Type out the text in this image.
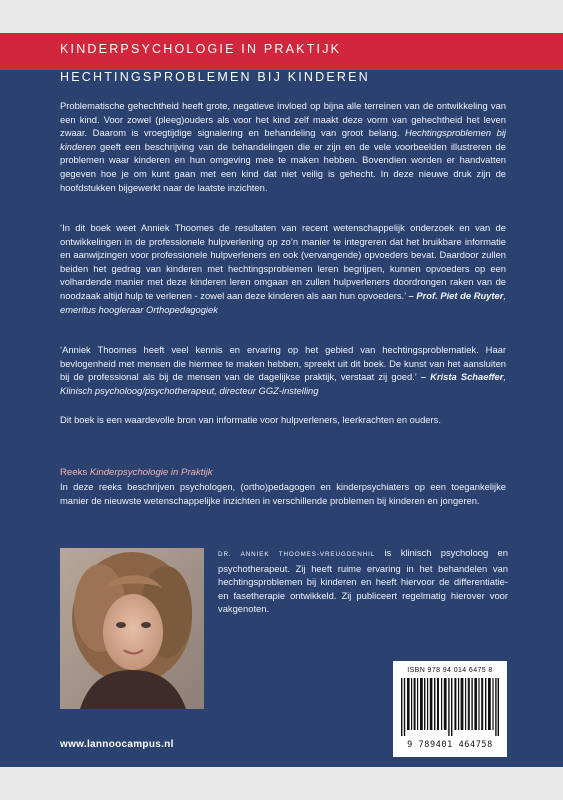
KINDERPSYCHOLOGIE IN PRAKTIJK
HECHTINGSPROBLEMEN BIJ KINDEREN
Problematische gehechtheid heeft grote, negatieve invloed op bijna alle terreinen van de ontwikkeling van een kind. Voor zowel (pleeg)ouders als voor het kind zelf maakt deze vorm van gehechtheid het leven zwaar. Daarom is vroegtijdige signalering en behandeling van groot belang. Hechtingsproblemen bij kinderen geeft een beschrijving van de behandelingen die er zijn en de vele voorbeelden illustreren de problemen waar kinderen en hun omgeving mee te maken hebben. Bovendien worden er handvatten gegeven hoe je om kunt gaan met een kind dat niet veilig is gehecht. In deze nieuwe druk zijn de hoofdstukken bijgewerkt naar de laatste inzichten.
‘In dit boek weet Anniek Thoomes de resultaten van recent wetenschappelijk onderzoek en van de ontwikkelingen in de professionele hulpverlening op zo’n manier te integreren dat het bruikbare informatie en aanwijzingen voor professionele hulpverleners en ook (vervangende) opvoeders bevat. Daardoor zullen beiden het gedrag van kinderen met hechtingsproblemen leren begrijpen, kunnen opvoeders op een volhardende manier met deze kinderen leren omgaan en zullen hulpverleners doordrongen raken van de noodzaak altijd hulp te verlenen - zowel aan deze kinderen als aan hun opvoeders.’ – Prof. Piet de Ruyter, emeritus hoogleraar Orthopedagogiek
‘Anniek Thoomes heeft veel kennis en ervaring op het gebied van hechtingsproblematiek. Haar bevlogenheid met mensen die hiermee te maken hebben, spreekt uit dit boek. De kunst van het aansluiten bij de professional als bij de mensen van de dagelijkse praktijk, verstaat zij goed.’ – Krista Schaeffer, Klinisch psycholoog/psychotherapeut, directeur GGZ-instelling
Dit boek is een waardevolle bron van informatie voor hulpverleners, leerkrachten en ouders.
Reeks Kinderpsychologie in Praktijk
In deze reeks beschrijven psychologen, (ortho)pedagogen en kinderpsychiaters op een toegankelijke manier de nieuwste wetenschappelijke inzichten in verschillende problemen bij kinderen en jongeren.
DR. ANNIEK THOOMES-VREUGDENHIL is klinisch psycholoog en psychotherapeut. Zij heeft ruime ervaring in het behandelen van hechtingsproblemen bij kinderen en heeft hiervoor de differentiatie- en fasetherapie ontwikkeld. Zij publiceert regelmatig hierover voor vakgenoten.
ISBN 978 94 014 6475 8
9 789401 464758
www.lannoocampus.nl
